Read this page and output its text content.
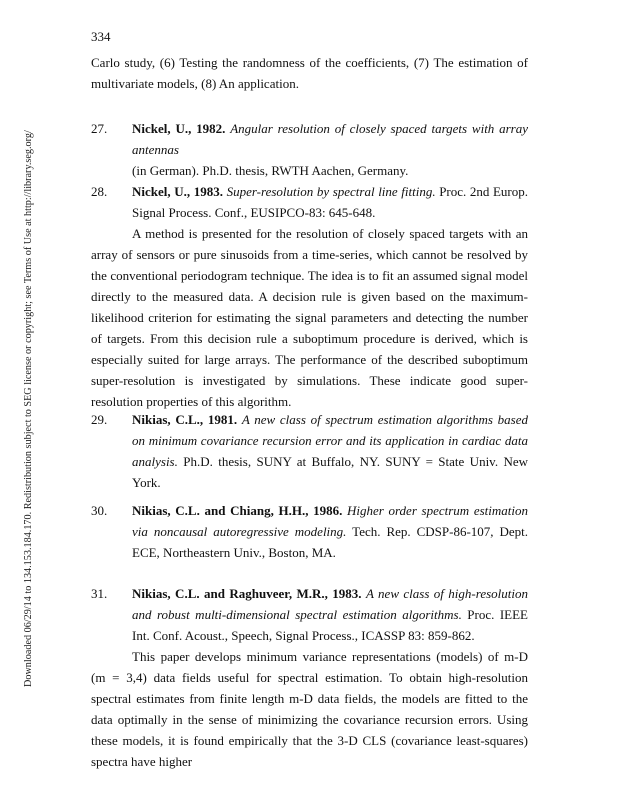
Downloaded 06/29/14 to 134.153.184.170. Redistribution subject to SEG license or copyright; see Terms of Use at http://library.seg.org/
334
Carlo study, (6) Testing the randomness of the coefficients, (7) The estimation of multivariate models, (8) An application.
27.	Nickel, U., 1982. Angular resolution of closely spaced targets with array antennas
(in German). Ph.D. thesis, RWTH Aachen, Germany.
28.	Nickel, U., 1983. Super-resolution by spectral line fitting. Proc. 2nd Europ. Signal Process. Conf., EUSIPCO-83: 645-648.
A method is presented for the resolution of closely spaced targets with an array of sensors or pure sinusoids from a time-series, which cannot be resolved by the conventional periodogram technique. The idea is to fit an assumed signal model directly to the measured data. A decision rule is given based on the maximum-likelihood criterion for estimating the signal parameters and detecting the number of targets. From this decision rule a suboptimum procedure is derived, which is especially suited for large arrays. The performance of the described suboptimum super-resolution is investigated by simulations. These indicate good super-resolution properties of this algorithm.
29.	Nikias, C.L., 1981. A new class of spectrum estimation algorithms based on minimum covariance recursion error and its application in cardiac data analysis. Ph.D. thesis, SUNY at Buffalo, NY. SUNY = State Univ. New York.
30.	Nikias, C.L. and Chiang, H.H., 1986. Higher order spectrum estimation via noncausal autoregressive modeling. Tech. Rep. CDSP-86-107, Dept. ECE, Northeastern Univ., Boston, MA.
31.	Nikias, C.L. and Raghuveer, M.R., 1983. A new class of high-resolution and robust multi-dimensional spectral estimation algorithms. Proc. IEEE Int. Conf. Acoust., Speech, Signal Process., ICASSP 83: 859-862.
This paper develops minimum variance representations (models) of m-D (m = 3,4) data fields useful for spectral estimation. To obtain high-resolution spectral estimates from finite length m-D data fields, the models are fitted to the data optimally in the sense of minimizing the covariance recursion errors. Using these models, it is found empirically that the 3-D CLS (covariance least-squares) spectra have higher
